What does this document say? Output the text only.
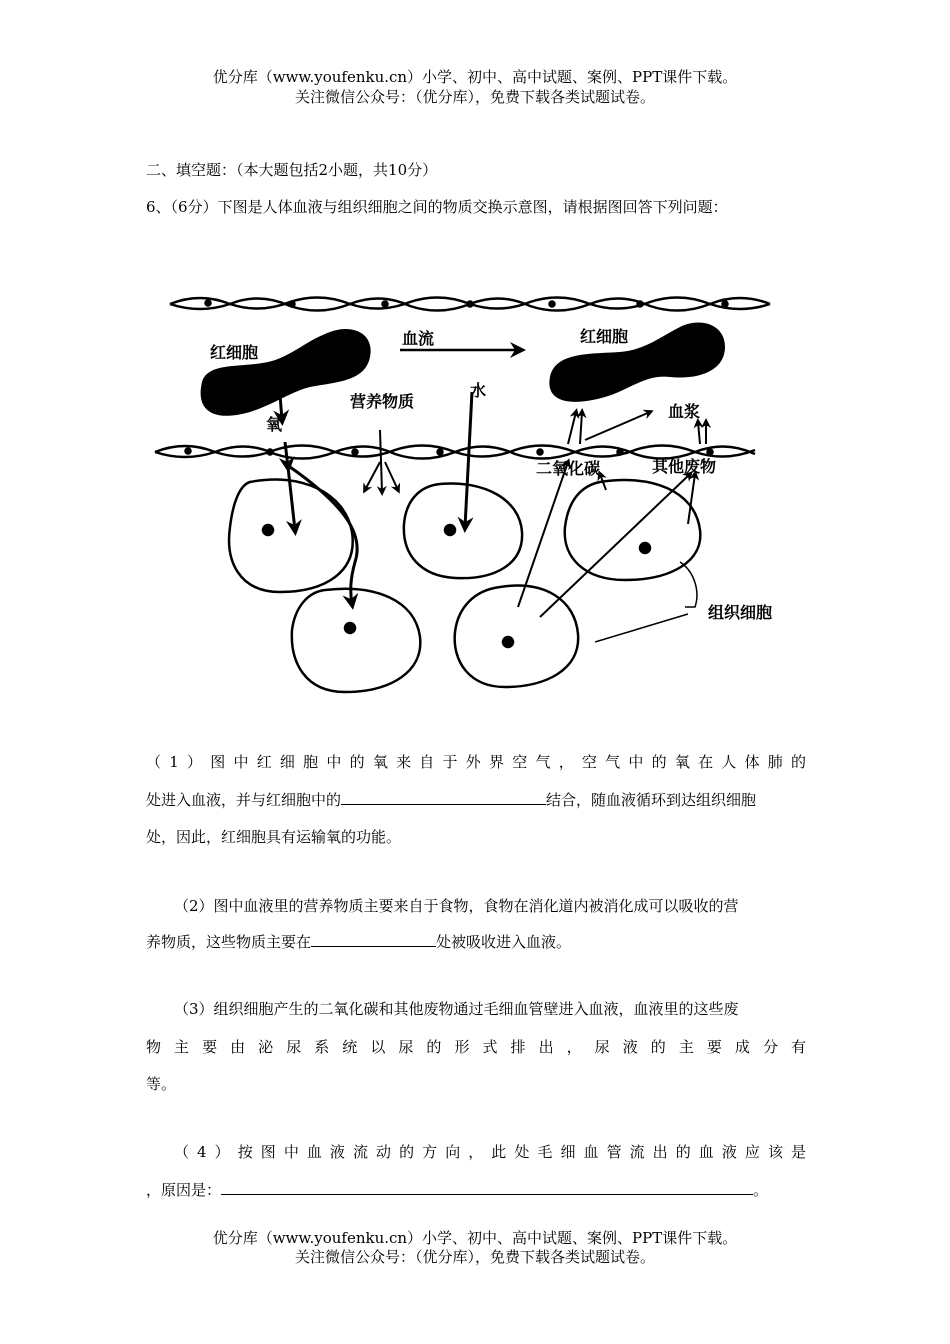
优分库（www.youfenku.cn）小学、初中、高中试题、案例、PPT课件下载。
关注微信公众号：（优分库），免费下载各类试题试卷。
二、填空题：（本大题包括2小题，共10分）
6、（6分）下图是人体血液与组织细胞之间的物质交换示意图，请根据图回答下列问题：
红细胞
血流	红细胞
氧
营养物质
水
血浆
二氧化碳	其他废物
组织细胞
（1）图中红细胞中的氧来自于外界空气，空气中的氧在人体肺的
处进入血液，并与红细胞中的	结合，随血液循环到达组织细胞
处，因此，红细胞具有运输氧的功能。
（2）图中血液里的营养物质主要来自于食物，食物在消化道内被消化成可以吸收的营
养物质，这些物质主要在	处被吸收进入血液。
（3）组织细胞产生的二氧化碳和其他废物通过毛细血管壁进入血液，血液里的这些废
物主要由泌尿系统以尿的形式排出，尿液的主要成分有
等。
（4）按图中血液流动的方向，此处毛细血管流出的血液应该是
，原因是：	。
优分库（www.youfenku.cn）小学、初中、高中试题、案例、PPT课件下载。
关注微信公众号：（优分库），免费下载各类试题试卷。
